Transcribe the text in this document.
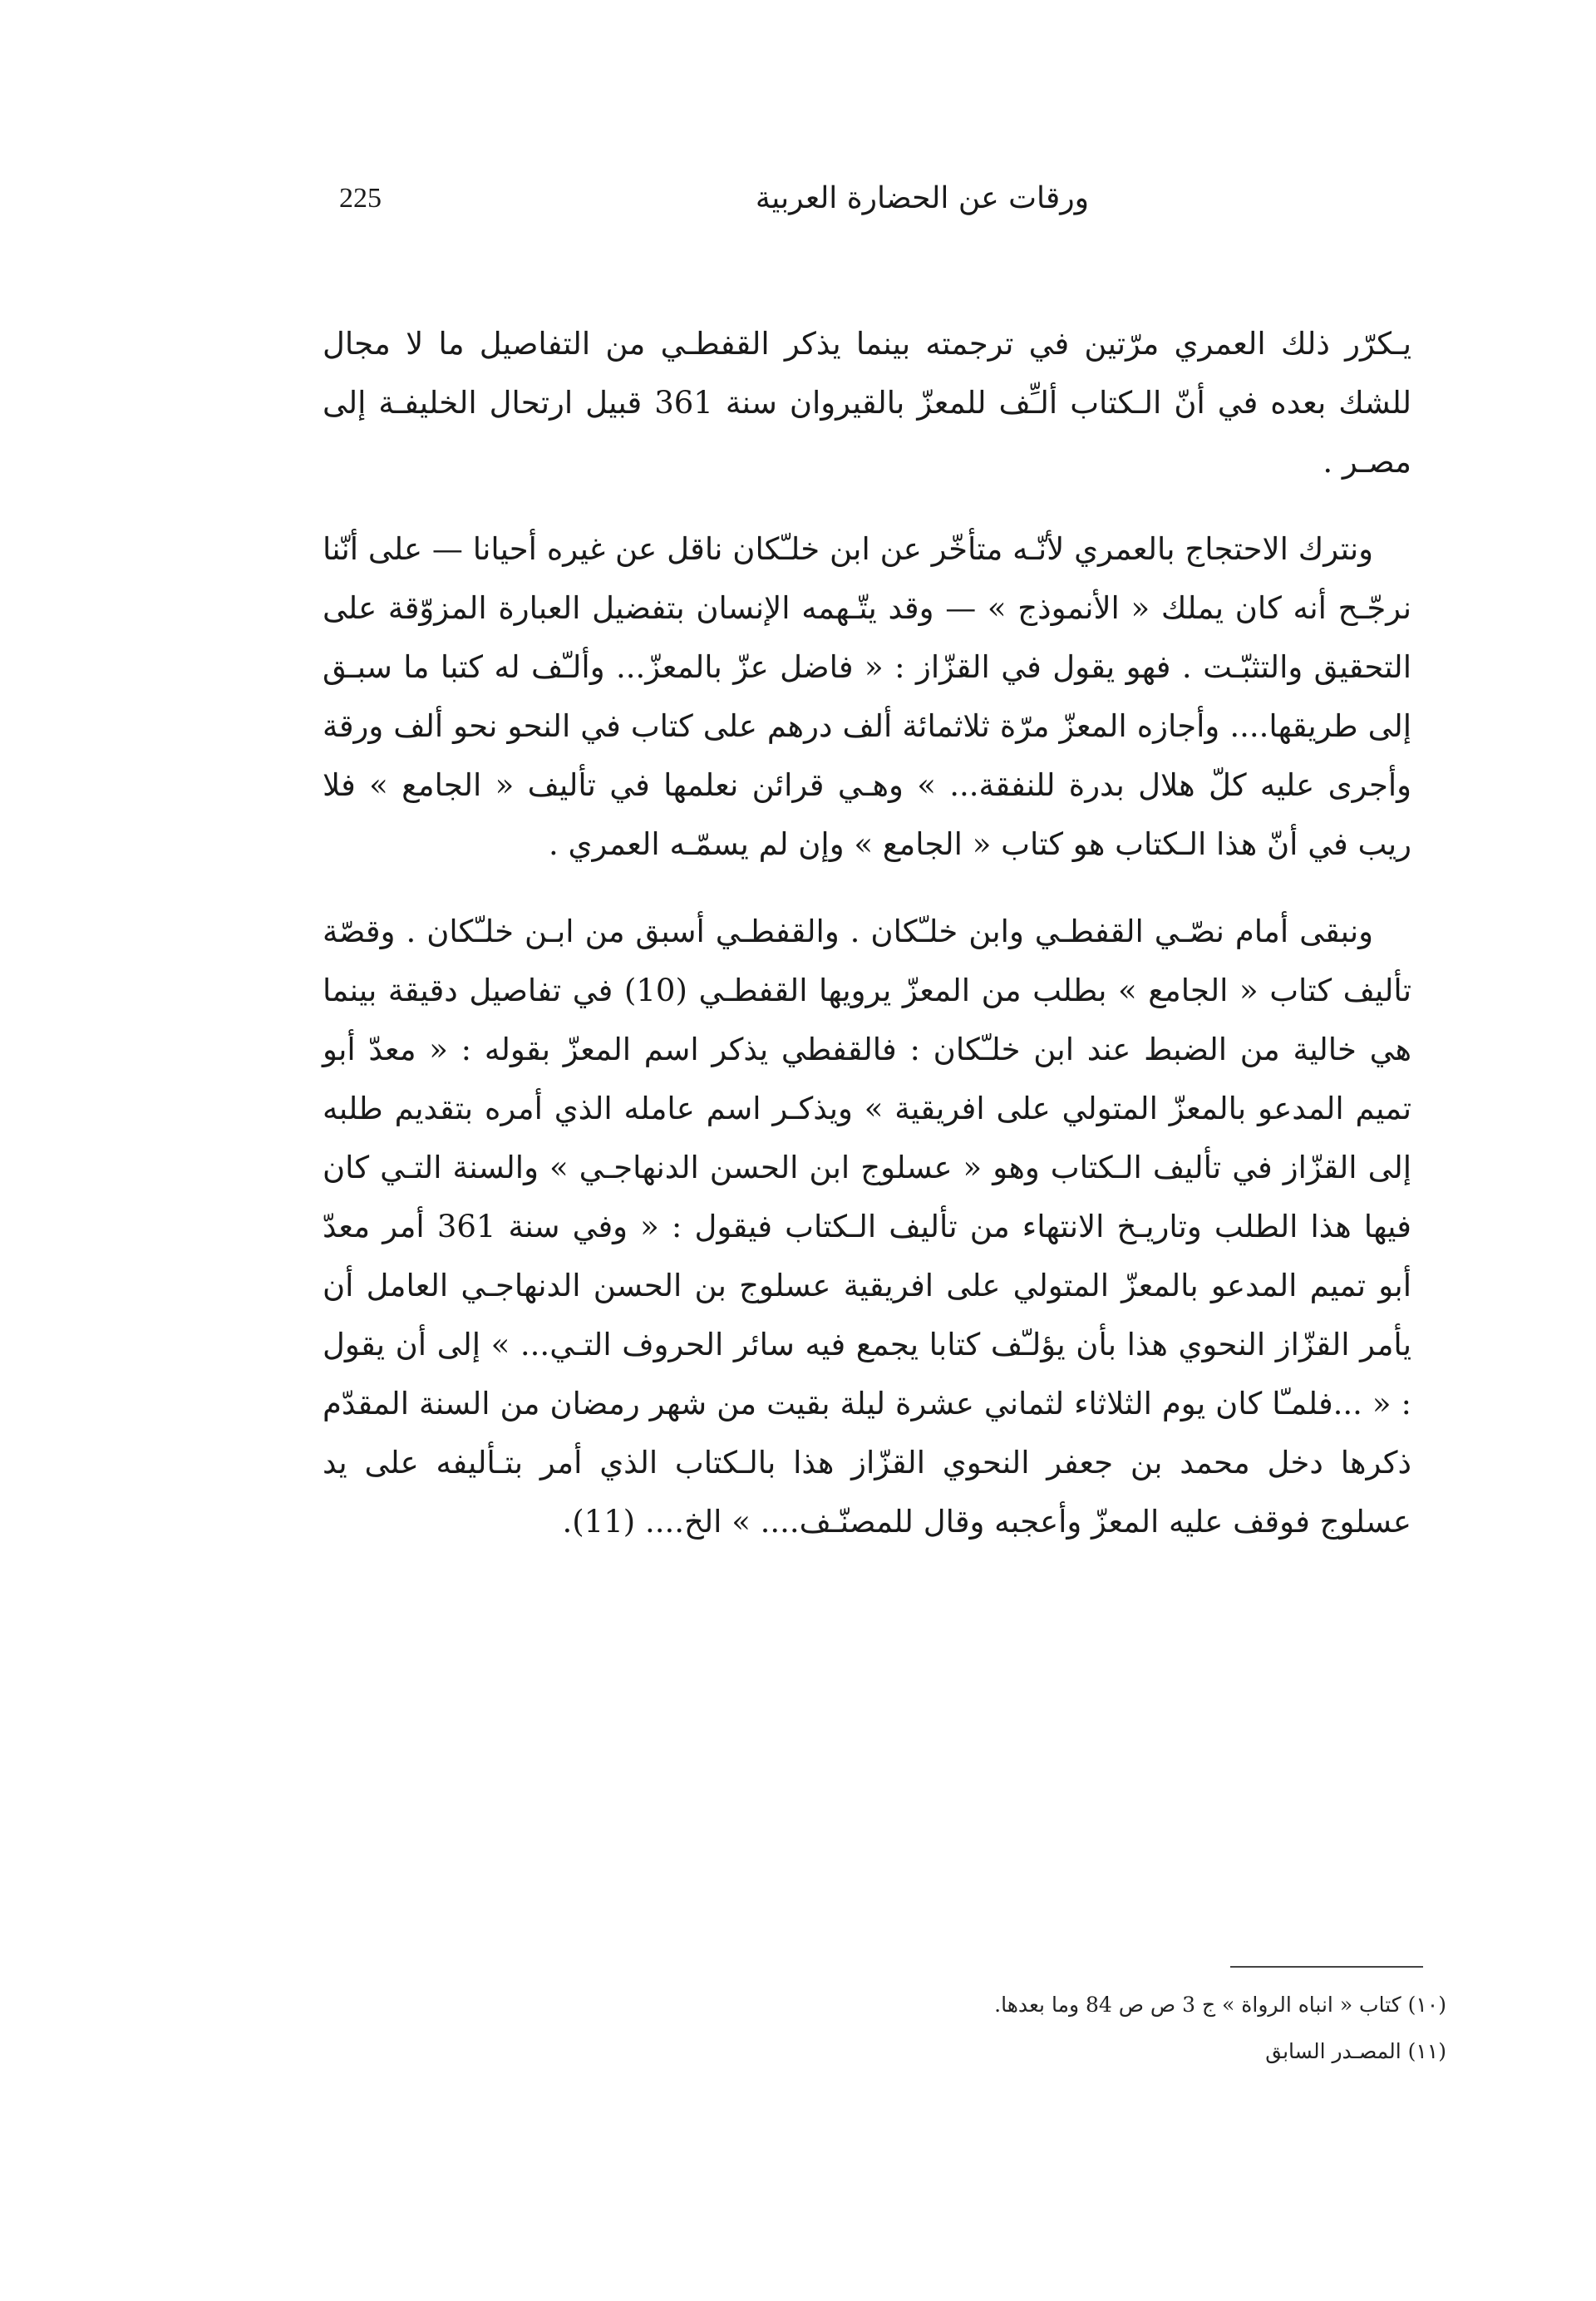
225	ورقات عن الحضارة العربية

يـكرّر ذلك العمري مرّتين في ترجمته بينما يذكر القفطـي من التفاصيل ما لا مجال للشك بعده في أنّ الـكتاب ألـِّف للمعزّ بالقيروان سنة 361 قبيل ارتحال الخليفـة إلى مصـر .

ونترك الاحتجاج بالعمري لأنّـه متأخّر عن ابن خلـّكان ناقل عن غيره أحيانا — على أنّنا نرجّـح أنه كان يملك « الأنموذج » — وقد يتّـهمه الإنسان بتفضيل العبارة المزوّقة على التحقيق والتثبّـت . فهو يقول في القزّاز : « فاضل عزّ بالمعزّ... وألـّف له كتبا ما سبـق إلى طريقها.... وأجازه المعزّ مرّة ثلاثمائة ألف درهم على كتاب في النحو نحو ألف ورقة وأجرى عليه كلّ هلال بدرة للنفقة... » وهـي قرائن نعلمها في تأليف « الجامع » فلا ريب في أنّ هذا الـكتاب هو كتاب « الجامع » وإن لم يسمّـه العمري .

ونبقى أمام نصّـي القفطـي وابن خلـّكان . والقفطـي أسبق من ابـن خلـّكان . وقصّة تأليف كتاب « الجامع » بطلب من المعزّ يرويها القفطـي (10) في تفاصيل دقيقة بينما هي خالية من الضبط عند ابن خلـّكان : فالقفطي يذكر اسم المعزّ بقوله : « معدّ أبو تميم المدعو بالمعزّ المتولي على افريقية » ويذكـر اسم عامله الذي أمره بتقديم طلبه إلى القزّاز في تأليف الـكتاب وهو « عسلوج ابن الحسن الدنهاجـي » والسنة التـي كان فيها هذا الطلب وتاريـخ الانتهاء من تأليف الـكتاب فيقول : « وفي سنة 361 أمر معدّ أبو تميم المدعو بالمعزّ المتولي على افريقية عسلوج بن الحسن الدنهاجـي العامل أن يأمر القزّاز النحوي هذا بأن يؤلـّف كتابا يجمع فيه سائر الحروف التـي... » إلى أن يقول : « ...فلمـّا كان يوم الثلاثاء لثماني عشرة ليلة بقيت من شهر رمضان من السنة المقدّم ذكرها دخل محمد بن جعفر النحوي القزّاز هذا بالـكتاب الذي أمر بتـأليفه على يد عسلوج فوقف عليه المعزّ وأعجبه وقال للمصنّـف.... » الخ.... (11).

(١٠) كتاب « انباه الرواة » ج 3 ص ص 84 وما بعدها.

(١١) المصـدر السابق
